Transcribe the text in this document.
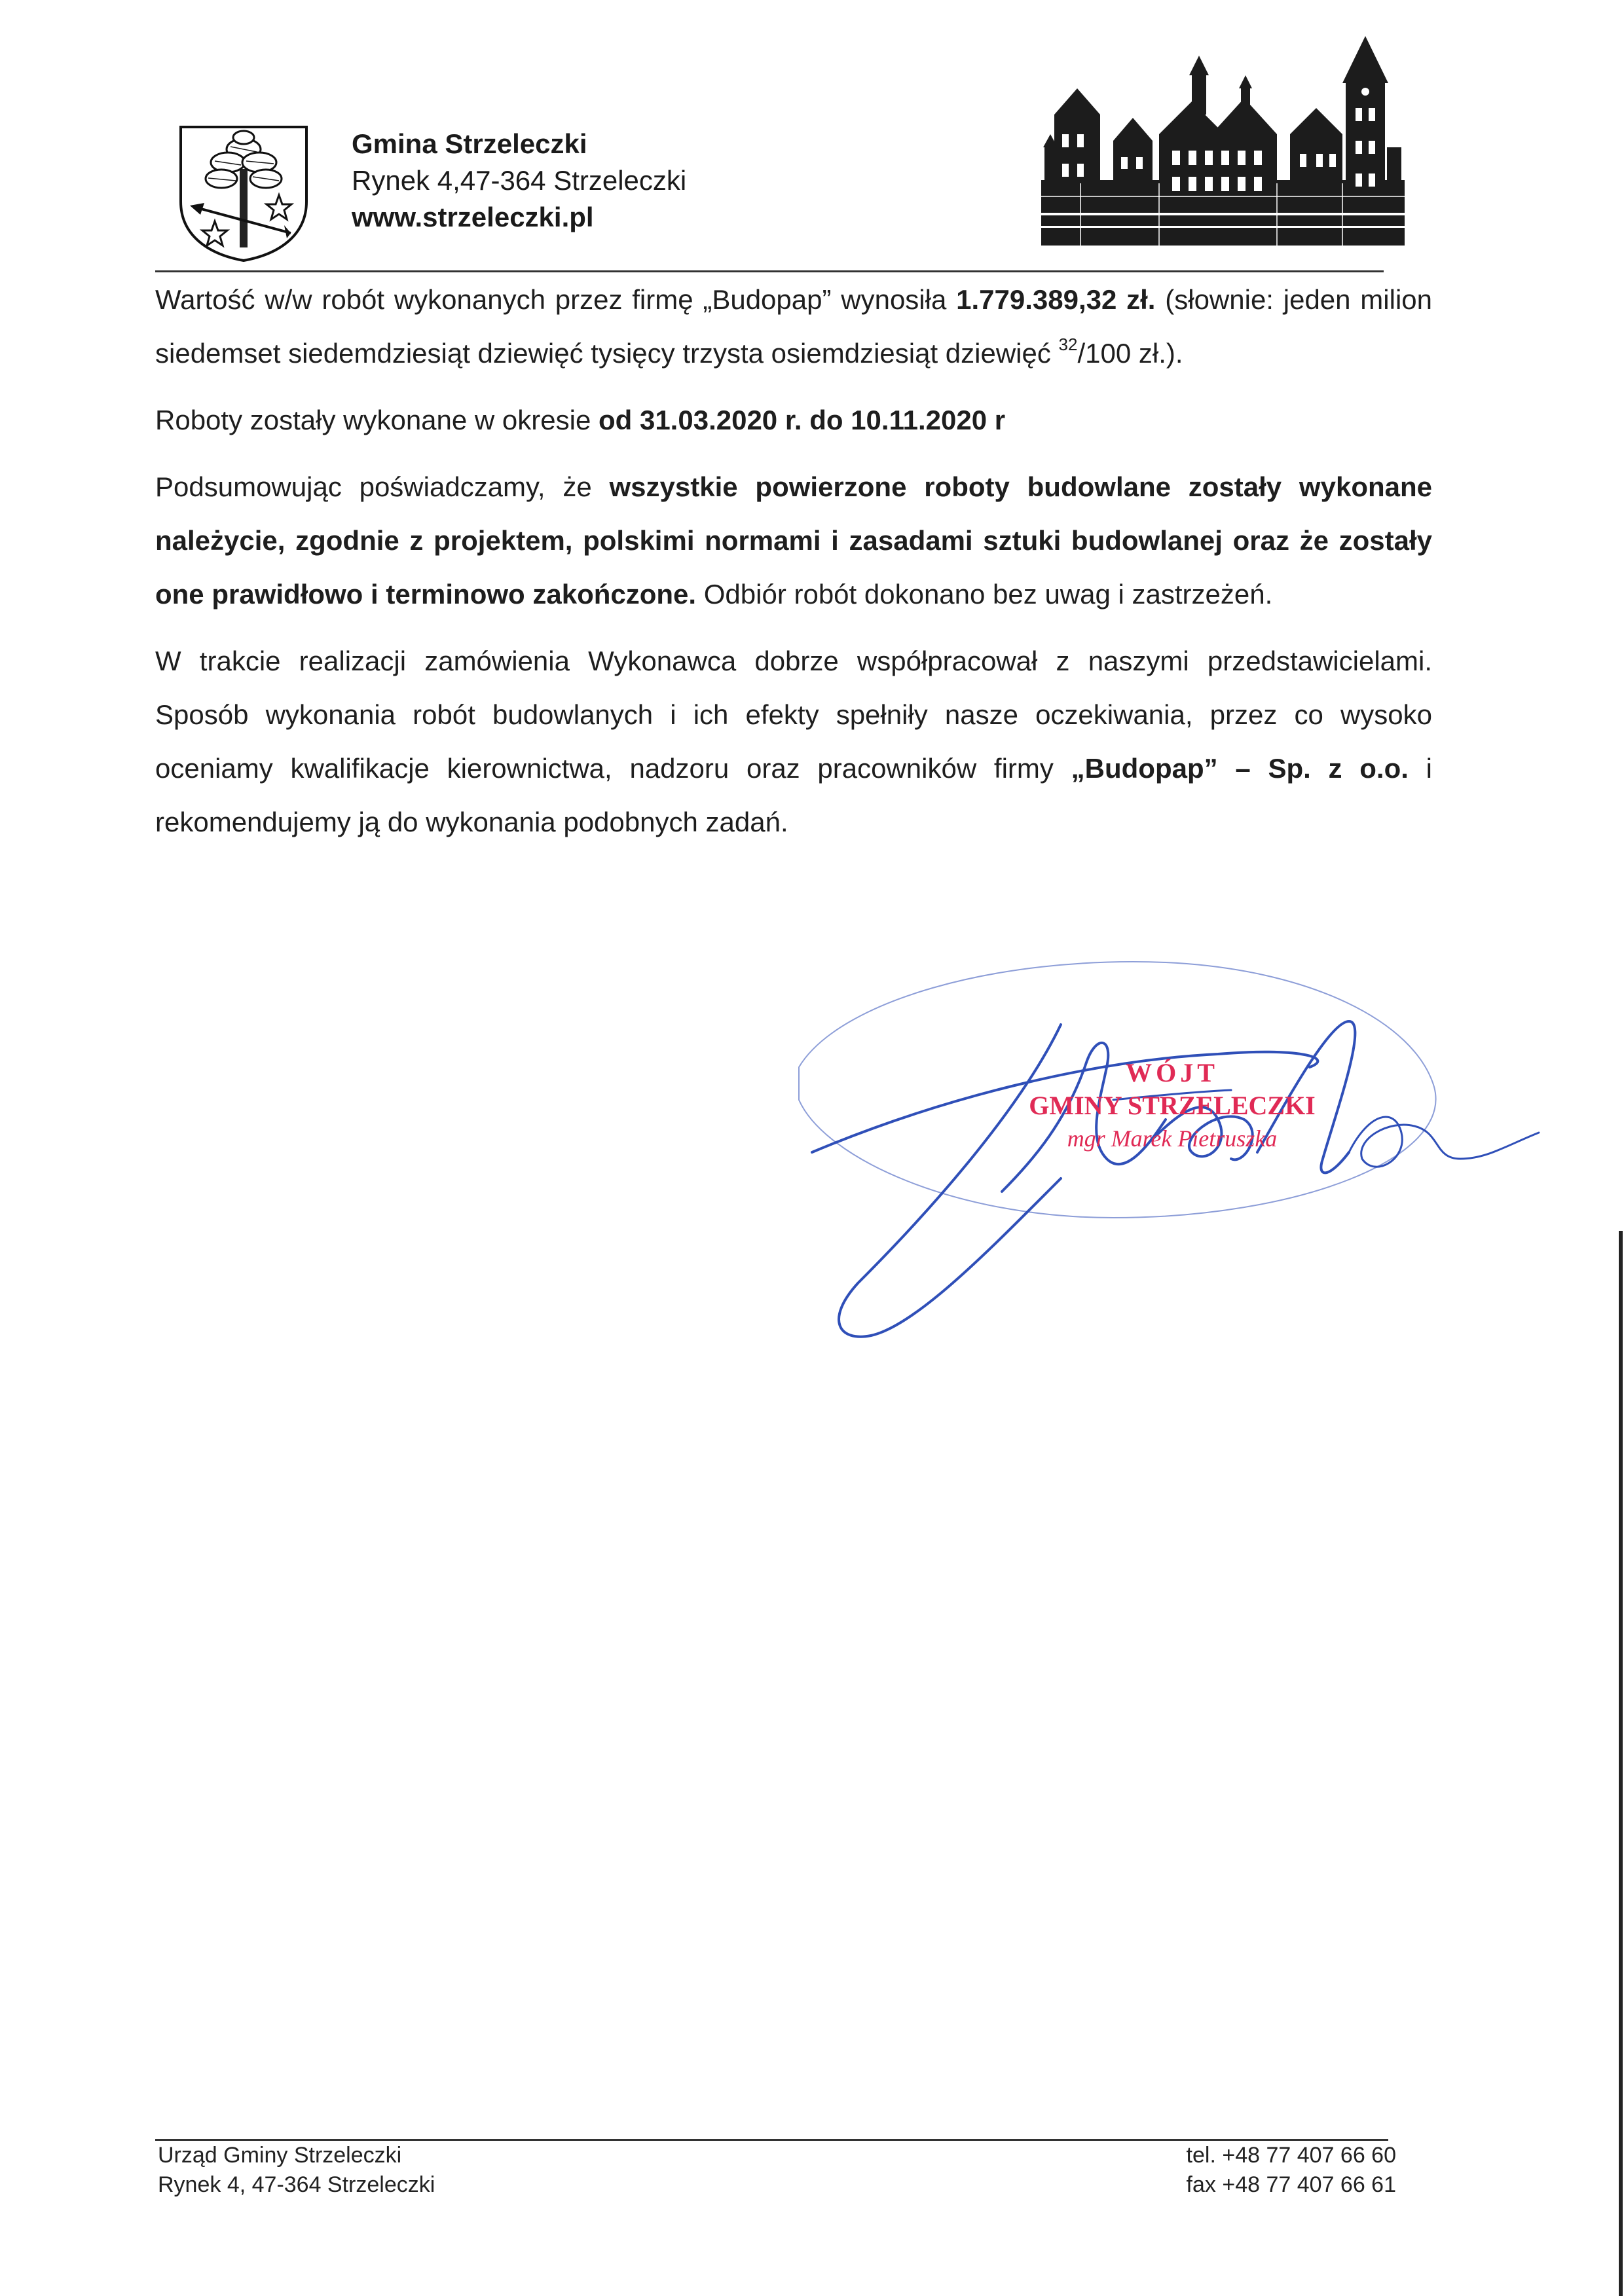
Gmina Strzeleczki
Rynek 4,47-364 Strzeleczki
www.strzeleczki.pl

Wartość w/w robót wykonanych przez firmę „Budopap” wynosiła 1.779.389,32 zł. (słownie: jeden milion siedemset siedemdziesiąt dziewięć tysięcy trzysta osiemdziesiąt dziewięć $^{32}$/100 zł.).

Roboty zostały wykonane w okresie od 31.03.2020 r. do 10.11.2020 r

Podsumowując poświadczamy, że wszystkie powierzone roboty budowlane zostały wykonane należycie, zgodnie z projektem, polskimi normami i zasadami sztuki budowlanej oraz że zostały one prawidłowo i terminowo zakończone. Odbiór robót dokonano bez uwag i zastrzeżeń.

W trakcie realizacji zamówienia Wykonawca dobrze współpracował z naszymi przedstawicielami. Sposób wykonania robót budowlanych i ich efekty spełniły nasze oczekiwania, przez co wysoko oceniamy kwalifikacje kierownictwa, nadzoru oraz pracowników firmy „Budopap” – Sp. z o.o. i rekomendujemy ją do wykonania podobnych zadań.

WÓJT
GMINY STRZELECZKI
mgr Marek Pietruszka
Urząd Gminy Strzeleczki
Rynek 4, 47-364 Strzeleczki
tel. +48 77 407 66 60
fax +48 77 407 66 61
